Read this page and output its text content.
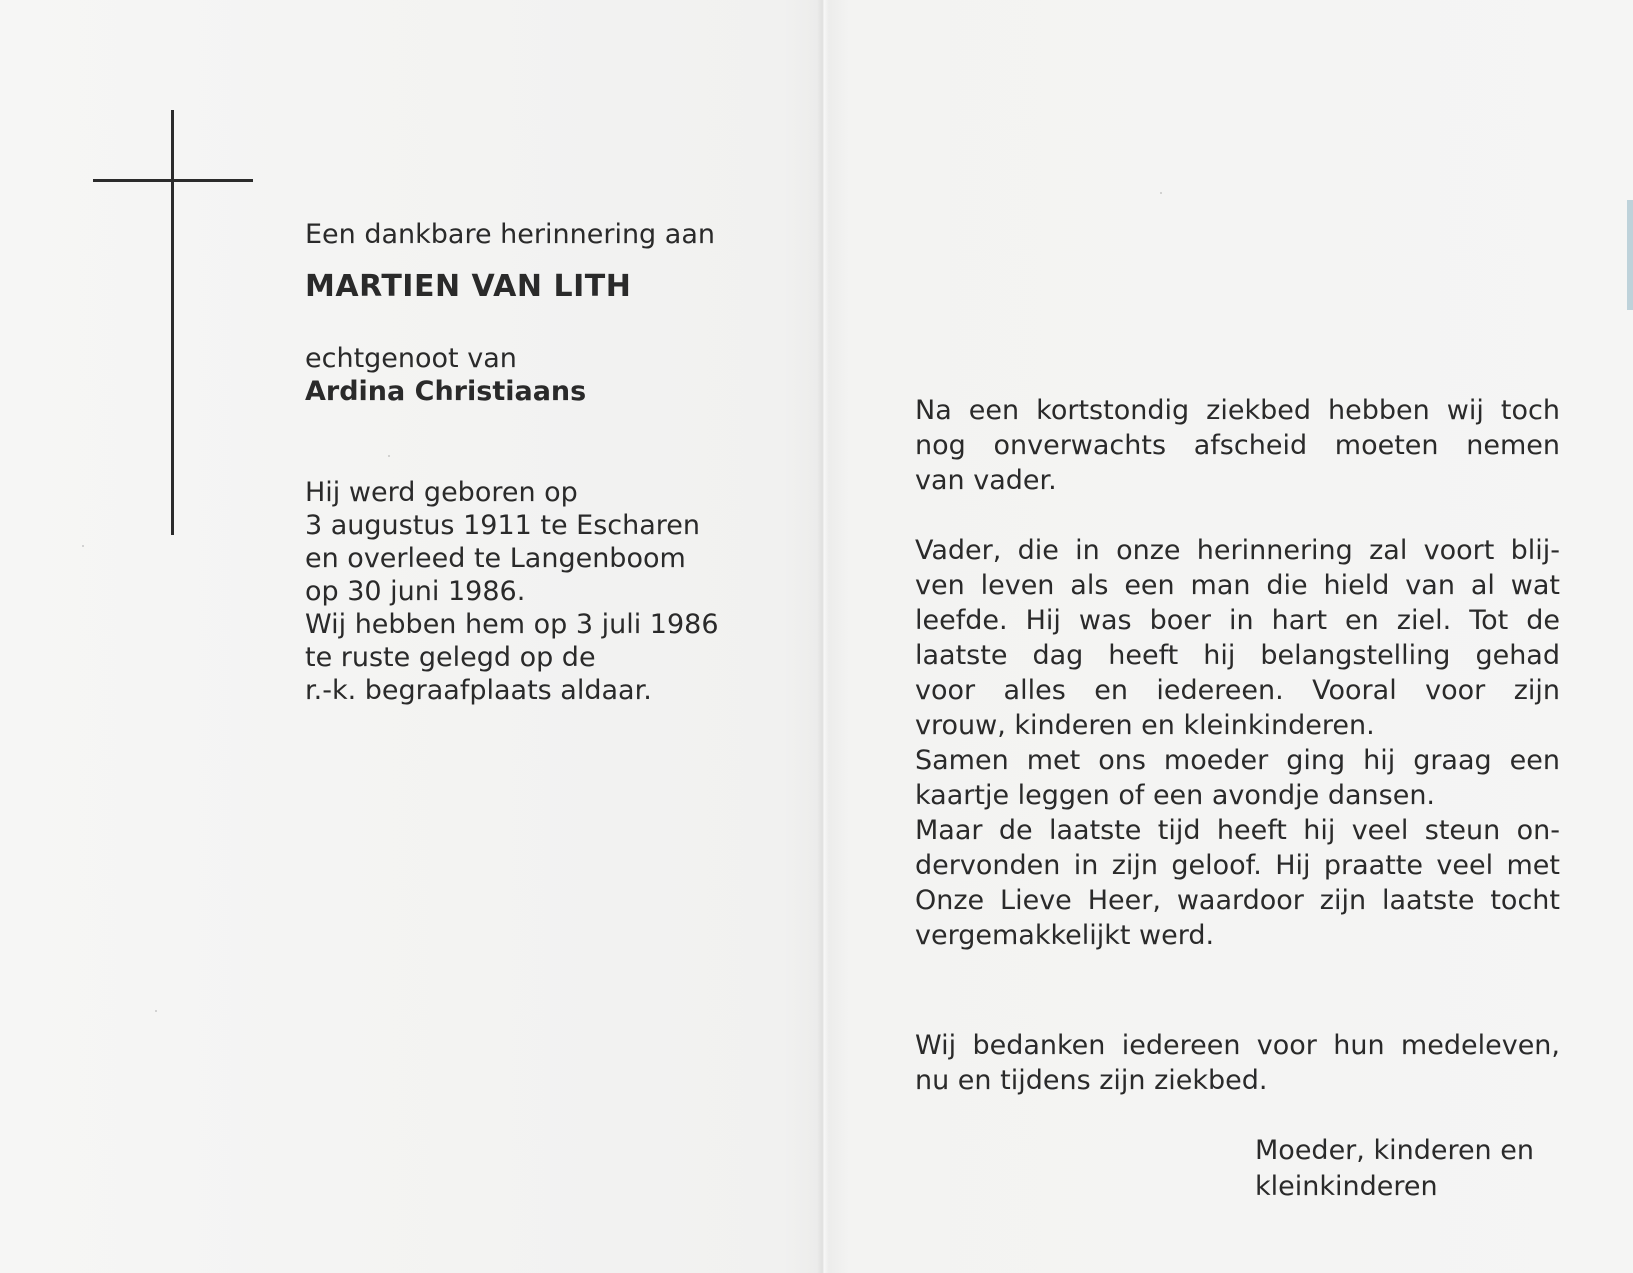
Een dankbare herinnering aan
MARTIEN VAN LITH
echtgenoot van
Ardina Christiaans
Hij werd geboren op
3 augustus 1911 te Escharen
en overleed te Langenboom
op 30 juni 1986.
Wij hebben hem op 3 juli 1986
te ruste gelegd op de
r.-k. begraafplaats aldaar.
Na een kortstondig ziekbed hebben wij toch
nog onverwachts afscheid moeten nemen
van vader.
Vader, die in onze herinnering zal voort blij-
ven leven als een man die hield van al wat
leefde. Hij was boer in hart en ziel. Tot de
laatste dag heeft hij belangstelling gehad
voor alles en iedereen. Vooral voor zijn
vrouw, kinderen en kleinkinderen.
Samen met ons moeder ging hij graag een
kaartje leggen of een avondje dansen.
Maar de laatste tijd heeft hij veel steun on-
dervonden in zijn geloof. Hij praatte veel met
Onze Lieve Heer, waardoor zijn laatste tocht
vergemakkelijkt werd.
Wij bedanken iedereen voor hun medeleven,
nu en tijdens zijn ziekbed.
Moeder, kinderen en
kleinkinderen
